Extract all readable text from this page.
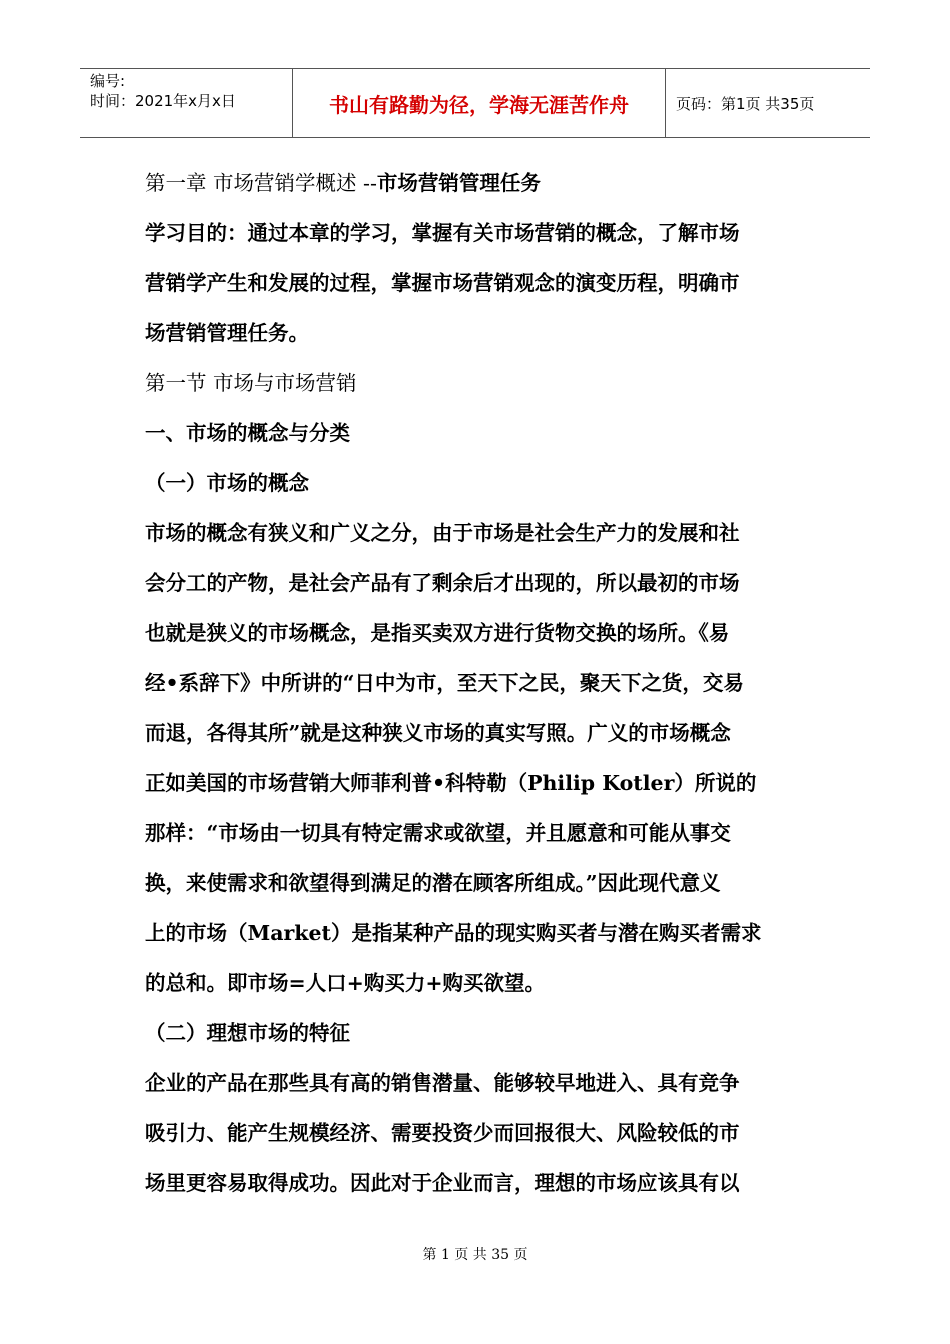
编号:
时间：2021年x月x日	书山有路勤为径，学海无涯苦作舟	页码：第1页 共35页
第一章 市场营销学概述 --市场营销管理任务
学习目的：通过本章的学习，掌握有关市场营销的概念，了解市场
营销学产生和发展的过程，掌握市场营销观念的演变历程，明确市
场营销管理任务。
第一节 市场与市场营销
一、市场的概念与分类
（一）市场的概念
市场的概念有狭义和广义之分，由于市场是社会生产力的发展和社
会分工的产物，是社会产品有了剩余后才出现的，所以最初的市场
也就是狭义的市场概念，是指买卖双方进行货物交换的场所。《易
经•系辞下》中所讲的“日中为市，至天下之民，聚天下之货，交易
而退，各得其所”就是这种狭义市场的真实写照。广义的市场概念
正如美国的市场营销大师菲利普•科特勒（Philip Kotler）所说的
那样：“市场由一切具有特定需求或欲望，并且愿意和可能从事交
换，来使需求和欲望得到满足的潜在顾客所组成。”因此现代意义
上的市场（Market）是指某种产品的现实购买者与潜在购买者需求
的总和。即市场=人口+购买力+购买欲望。
（二）理想市场的特征
企业的产品在那些具有高的销售潜量、能够较早地进入、具有竞争
吸引力、能产生规模经济、需要投资少而回报很大、风险较低的市
场里更容易取得成功。因此对于企业而言，理想的市场应该具有以
第 1 页 共 35 页
